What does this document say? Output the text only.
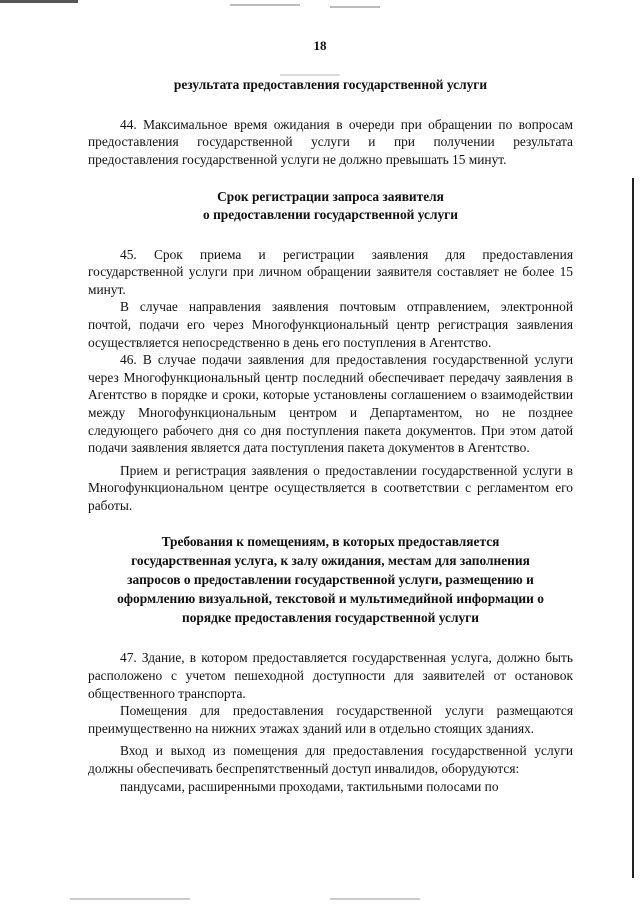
18

результата предоставления государственной услуги

44. Максимальное время ожидания в очереди при обращении по вопросам предоставления государственной услуги и при получении результата предоставления государственной услуги не должно превышать 15 минут.

Срок регистрации запроса заявителя
о предоставлении государственной услуги

45. Срок приема и регистрации заявления для предоставления государственной услуги при личном обращении заявителя составляет не более 15 минут.

В случае направления заявления почтовым отправлением, электронной почтой, подачи его через Многофункциональный центр регистрация заявления осуществляется непосредственно в день его поступления в Агентство.

46. В случае подачи заявления для предоставления государственной услуги через Многофункциональный центр последний обеспечивает передачу заявления в Агентство в порядке и сроки, которые установлены соглашением о взаимодействии между Многофункциональным центром и Департаментом, но не позднее следующего рабочего дня со дня поступления пакета документов. При этом датой подачи заявления является дата поступления пакета документов в Агентство.

Прием и регистрация заявления о предоставлении государственной услуги в Многофункциональном центре осуществляется в соответствии с регламентом его работы.

Требования к помещениям, в которых предоставляется
государственная услуга, к залу ожидания, местам для заполнения
запросов о предоставлении государственной услуги, размещению и
оформлению визуальной, текстовой и мультимедийной информации о
порядке предоставления государственной услуги

47. Здание, в котором предоставляется государственная услуга, должно быть расположено с учетом пешеходной доступности для заявителей от остановок общественного транспорта.

Помещения для предоставления государственной услуги размещаются преимущественно на нижних этажах зданий или в отдельно стоящих зданиях.

Вход и выход из помещения для предоставления государственной услуги должны обеспечивать беспрепятственный доступ инвалидов, оборудуются:

пандусами, расширенными проходами, тактильными полосами по
